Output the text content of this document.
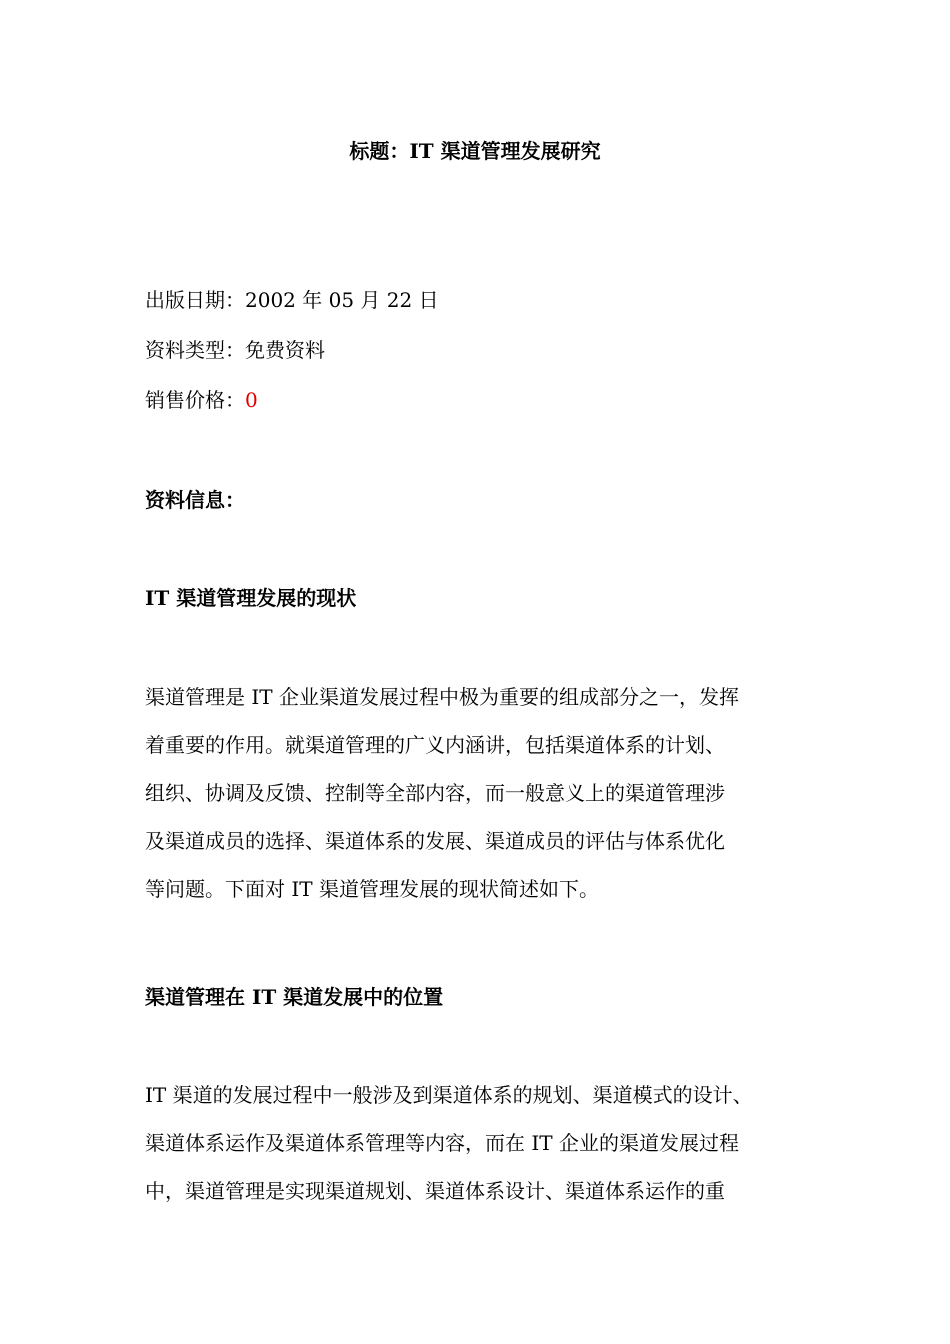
标题：IT 渠道管理发展研究
出版日期：2002 年 05 月 22 日
资料类型：免费资料
销售价格：0
资料信息：
IT 渠道管理发展的现状
渠道管理是 IT 企业渠道发展过程中极为重要的组成部分之一，发挥
着重要的作用。就渠道管理的广义内涵讲，包括渠道体系的计划、
组织、协调及反馈、控制等全部内容，而一般意义上的渠道管理涉
及渠道成员的选择、渠道体系的发展、渠道成员的评估与体系优化
等问题。下面对 IT 渠道管理发展的现状简述如下。
渠道管理在 IT 渠道发展中的位置
IT 渠道的发展过程中一般涉及到渠道体系的规划、渠道模式的设计、
渠道体系运作及渠道体系管理等内容，而在 IT 企业的渠道发展过程
中，渠道管理是实现渠道规划、渠道体系设计、渠道体系运作的重
